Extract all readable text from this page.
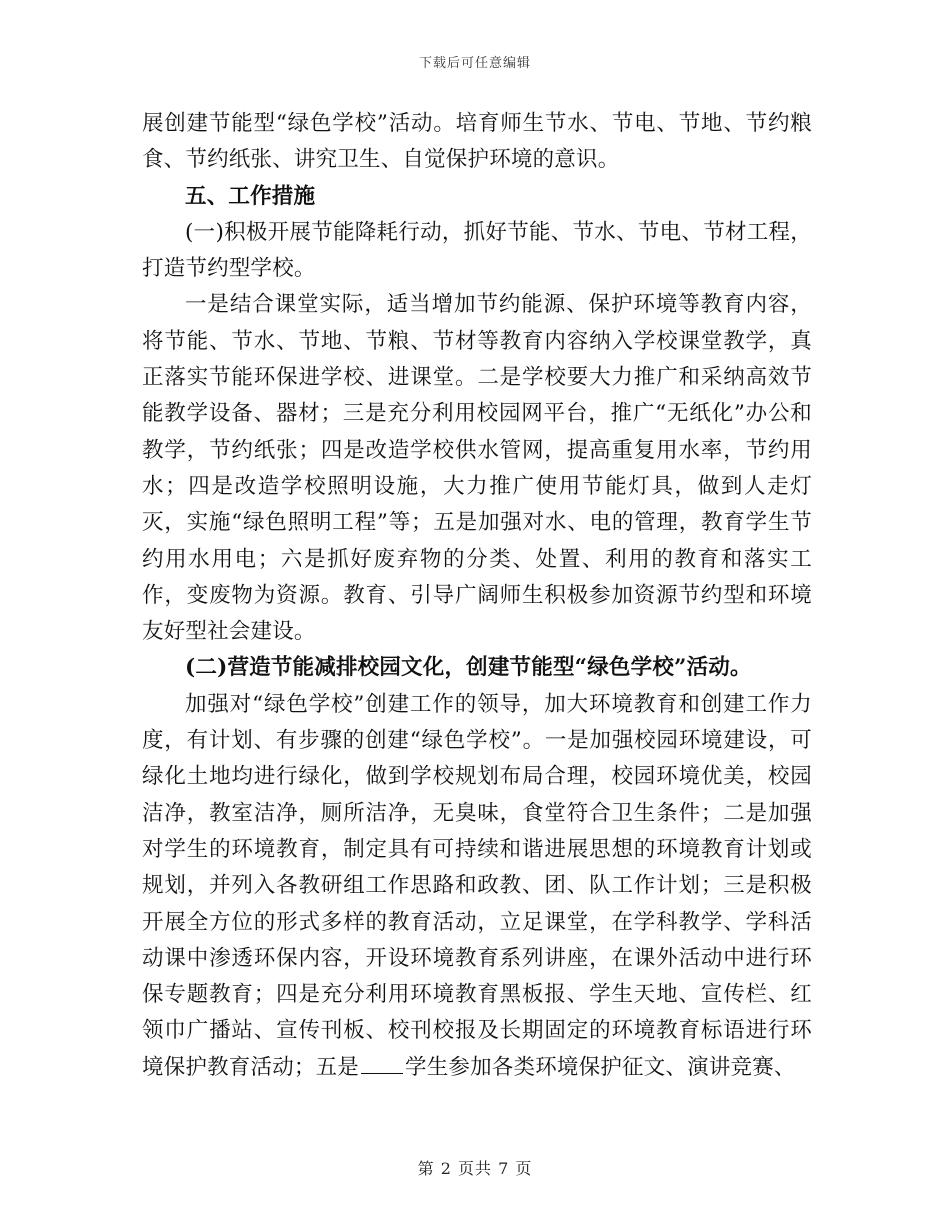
下载后可任意编辑

展创建节能型“绿色学校”活动。培育师生节水、节电、节地、节约粮食、节约纸张、讲究卫生、自觉保护环境的意识。

五、工作措施

(一)积极开展节能降耗行动，抓好节能、节水、节电、节材工程，打造节约型学校。

一是结合课堂实际，适当增加节约能源、保护环境等教育内容，将节能、节水、节地、节粮、节材等教育内容纳入学校课堂教学，真正落实节能环保进学校、进课堂。二是学校要大力推广和采纳高效节能教学设备、器材；三是充分利用校园网平台，推广“无纸化”办公和教学，节约纸张；四是改造学校供水管网，提高重复用水率，节约用水；四是改造学校照明设施，大力推广使用节能灯具，做到人走灯灭，实施“绿色照明工程”等；五是加强对水、电的管理，教育学生节约用水用电；六是抓好废弃物的分类、处置、利用的教育和落实工作，变废物为资源。教育、引导广阔师生积极参加资源节约型和环境友好型社会建设。

(二)营造节能减排校园文化，创建节能型“绿色学校”活动。

加强对“绿色学校”创建工作的领导，加大环境教育和创建工作力度，有计划、有步骤的创建“绿色学校”。一是加强校园环境建设，可绿化土地均进行绿化，做到学校规划布局合理，校园环境优美，校园洁净，教室洁净，厕所洁净，无臭味，食堂符合卫生条件；二是加强对学生的环境教育，制定具有可持续和谐进展思想的环境教育计划或规划，并列入各教研组工作思路和政教、团、队工作计划；三是积极开展全方位的形式多样的教育活动，立足课堂，在学科教学、学科活动课中渗透环保内容，开设环境教育系列讲座，在课外活动中进行环保专题教育；四是充分利用环境教育黑板报、学生天地、宣传栏、红领巾广播站、宣传刊板、校刊校报及长期固定的环境教育标语进行环境保护教育活动；五是 学生参加各类环境保护征文、演讲竞赛、

第 2 页共 7 页
